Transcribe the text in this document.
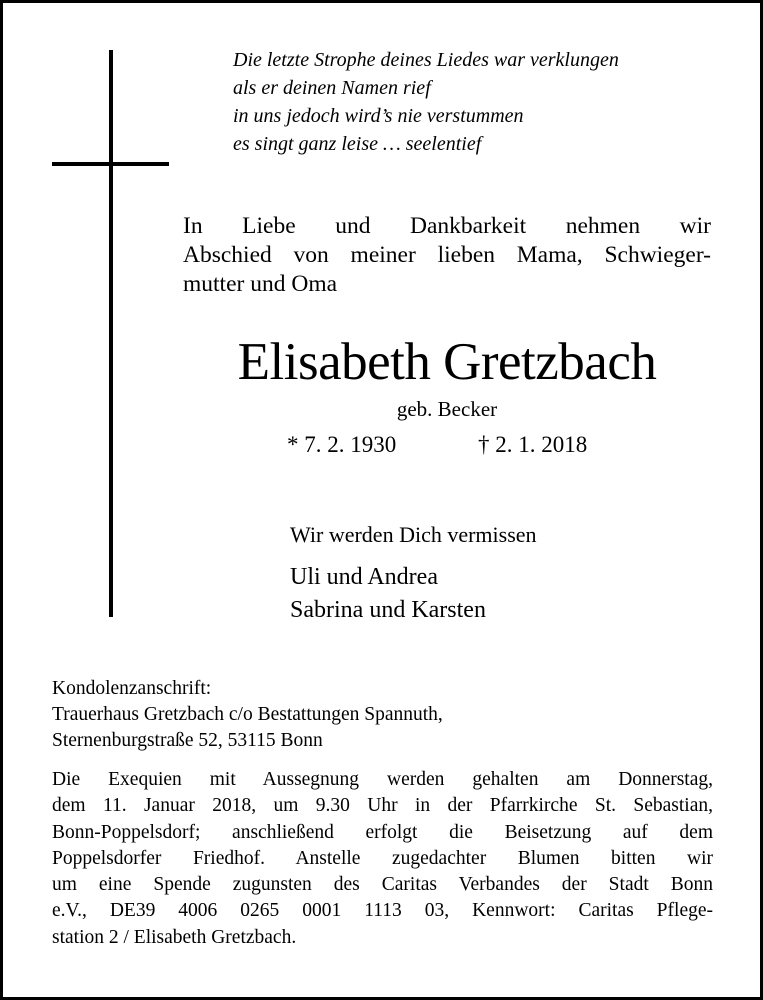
Die letzte Strophe deines Liedes war verklungen
als er deinen Namen rief
in uns jedoch wird’s nie verstummen
es singt ganz leise … seelentief
In Liebe und Dankbarkeit nehmen wir
Abschied von meiner lieben Mama, Schwieger-
mutter und Oma
Elisabeth Gretzbach
geb. Becker
* 7. 2. 1930	† 2. 1. 2018
Wir werden Dich vermissen
Uli und Andrea
Sabrina und Karsten
Kondolenzanschrift:
Trauerhaus Gretzbach c/o Bestattungen Spannuth,
Sternenburgstraße 52, 53115 Bonn
Die Exequien mit Aussegnung werden gehalten am Donnerstag,
dem 11. Januar 2018, um 9.30 Uhr in der Pfarrkirche St. Sebastian,
Bonn-Poppelsdorf; anschließend erfolgt die Beisetzung auf dem
Poppelsdorfer Friedhof. Anstelle zugedachter Blumen bitten wir
um eine Spende zugunsten des Caritas Verbandes der Stadt Bonn
e.V., DE39 4006 0265 0001 1113 03, Kennwort: Caritas Pflege-
station 2 / Elisabeth Gretzbach.
